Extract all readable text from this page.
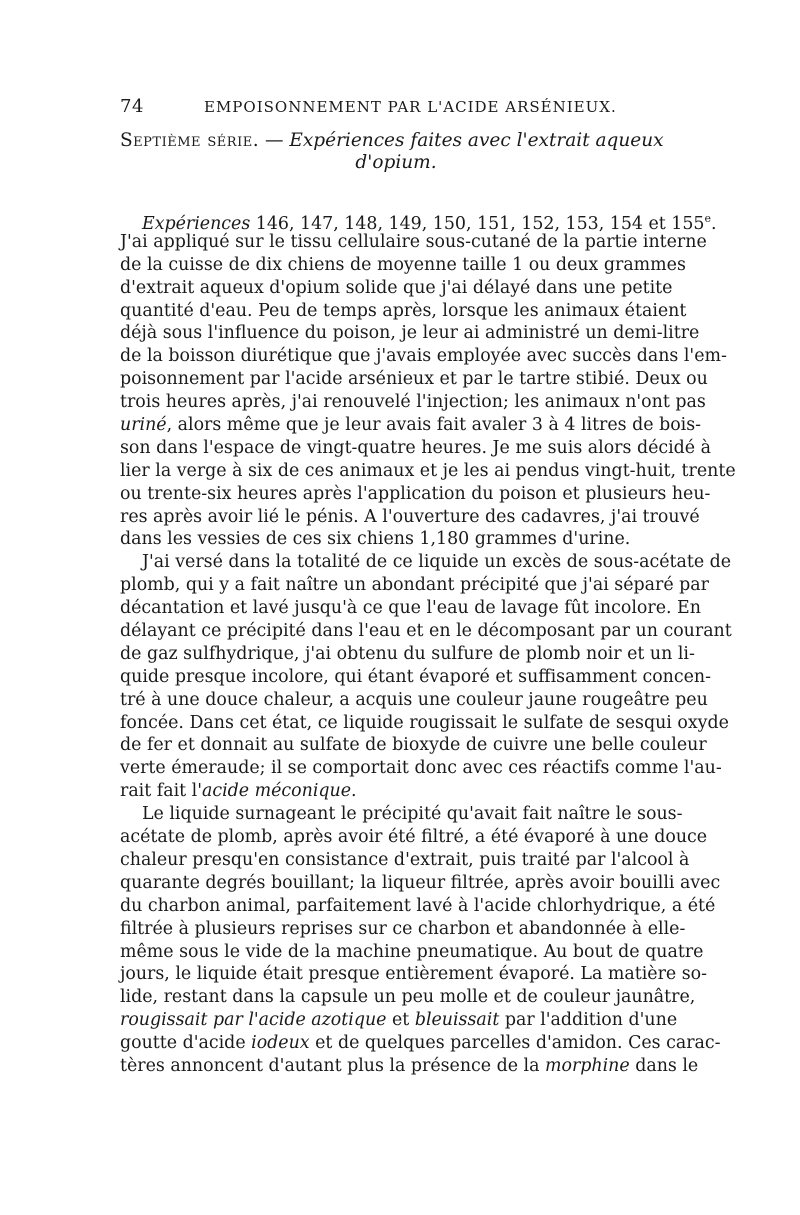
74	EMPOISONNEMENT PAR L'ACIDE ARSÉNIEUX.
Septième série. — Expériences faites avec l'extrait aqueux
d'opium.
Expériences 146, 147, 148, 149, 150, 151, 152, 153, 154 et 155e.
J'ai appliqué sur le tissu cellulaire sous-cutané de la partie interne
de la cuisse de dix chiens de moyenne taille 1 ou deux grammes
d'extrait aqueux d'opium solide que j'ai délayé dans une petite
quantité d'eau. Peu de temps après, lorsque les animaux étaient
déjà sous l'influence du poison, je leur ai administré un demi-litre
de la boisson diurétique que j'avais employée avec succès dans l'em-
poisonnement par l'acide arsénieux et par le tartre stibié. Deux ou
trois heures après, j'ai renouvelé l'injection; les animaux n'ont pas
uriné, alors même que je leur avais fait avaler 3 à 4 litres de bois-
son dans l'espace de vingt-quatre heures. Je me suis alors décidé à
lier la verge à six de ces animaux et je les ai pendus vingt-huit, trente
ou trente-six heures après l'application du poison et plusieurs heu-
res après avoir lié le pénis. A l'ouverture des cadavres, j'ai trouvé
dans les vessies de ces six chiens 1,180 grammes d'urine.
J'ai versé dans la totalité de ce liquide un excès de sous-acétate de
plomb, qui y a fait naître un abondant précipité que j'ai séparé par
décantation et lavé jusqu'à ce que l'eau de lavage fût incolore. En
délayant ce précipité dans l'eau et en le décomposant par un courant
de gaz sulfhydrique, j'ai obtenu du sulfure de plomb noir et un li-
quide presque incolore, qui étant évaporé et suffisamment concen-
tré à une douce chaleur, a acquis une couleur jaune rougeâtre peu
foncée. Dans cet état, ce liquide rougissait le sulfate de sesqui oxyde
de fer et donnait au sulfate de bioxyde de cuivre une belle couleur
verte émeraude; il se comportait donc avec ces réactifs comme l'au-
rait fait l'acide méconique.
Le liquide surnageant le précipité qu'avait fait naître le sous-
acétate de plomb, après avoir été filtré, a été évaporé à une douce
chaleur presqu'en consistance d'extrait, puis traité par l'alcool à
quarante degrés bouillant; la liqueur filtrée, après avoir bouilli avec
du charbon animal, parfaitement lavé à l'acide chlorhydrique, a été
filtrée à plusieurs reprises sur ce charbon et abandonnée à elle-
même sous le vide de la machine pneumatique. Au bout de quatre
jours, le liquide était presque entièrement évaporé. La matière so-
lide, restant dans la capsule un peu molle et de couleur jaunâtre,
rougissait par l'acide azotique et bleuissait par l'addition d'une
goutte d'acide iodeux et de quelques parcelles d'amidon. Ces carac-
tères annoncent d'autant plus la présence de la morphine dans le
